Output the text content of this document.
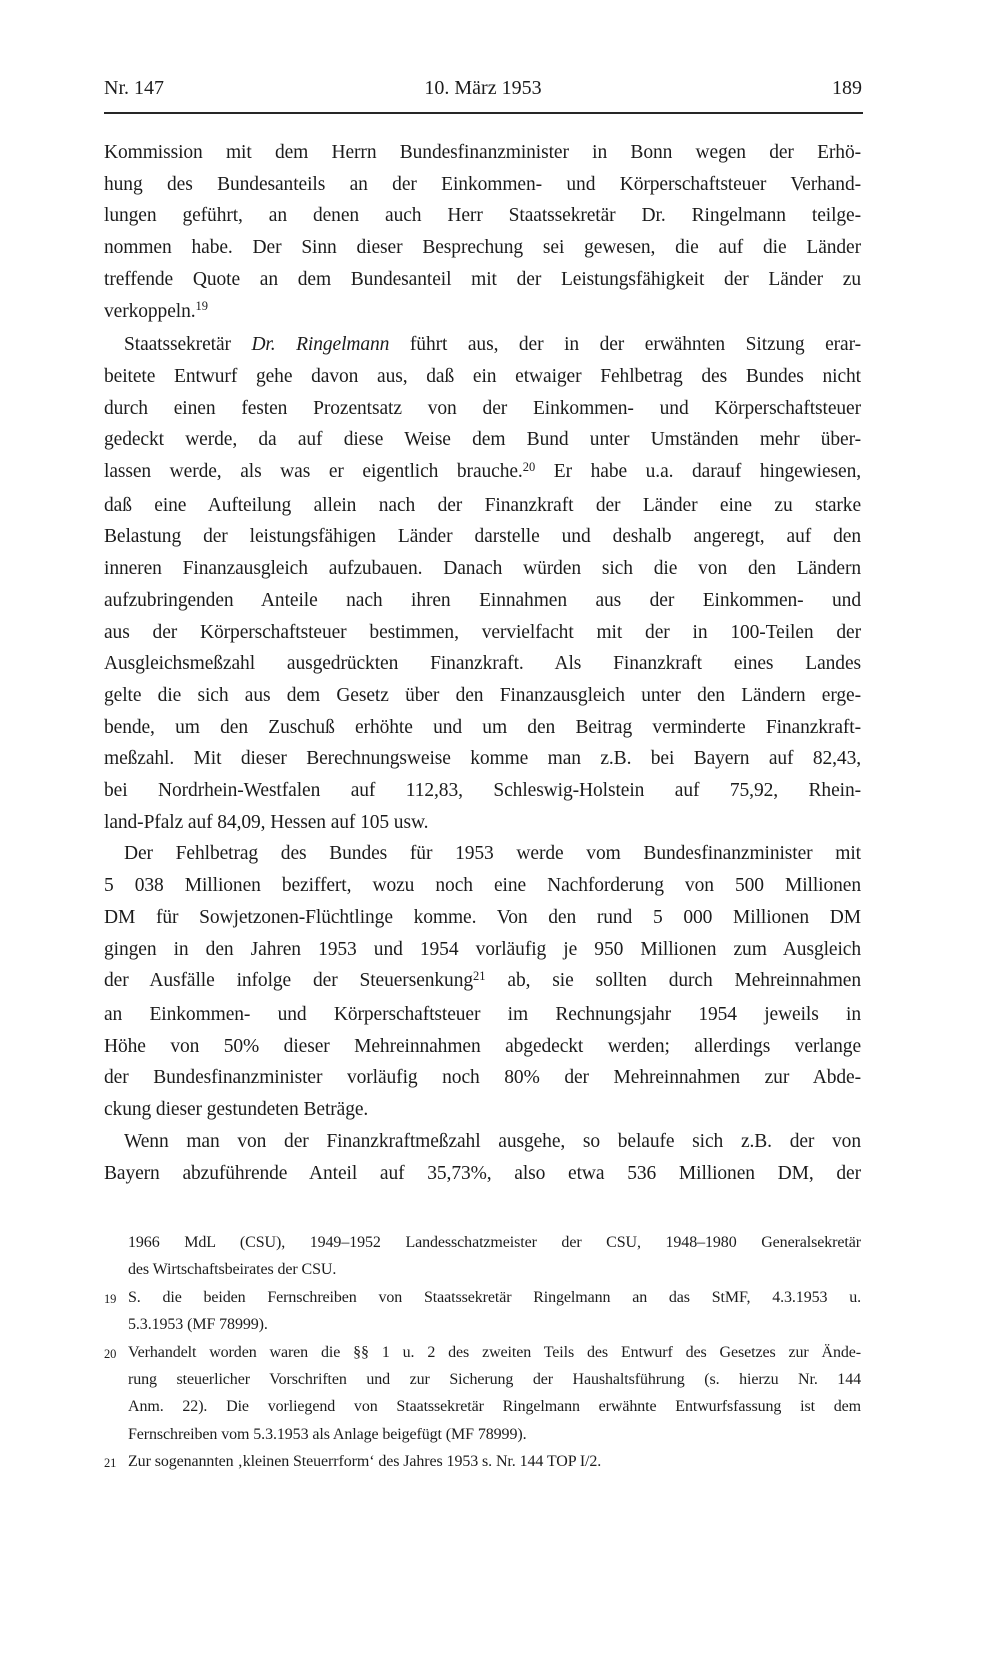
Nr. 147	10. März 1953	189
Kommission mit dem Herrn Bundesfinanzminister in Bonn wegen der Erhö-
hung des Bundesanteils an der Einkommen- und Körperschaftsteuer Verhand-
lungen geführt, an denen auch Herr Staatssekretär Dr. Ringelmann teilge-
nommen habe. Der Sinn dieser Besprechung sei gewesen, die auf die Länder
treffende Quote an dem Bundesanteil mit der Leistungsfähigkeit der Länder zu
verkoppeln.$^{19}$
Staatssekretär Dr. Ringelmann führt aus, der in der erwähnten Sitzung erar-
beitete Entwurf gehe davon aus, daß ein etwaiger Fehlbetrag des Bundes nicht
durch einen festen Prozentsatz von der Einkommen- und Körperschaftsteuer
gedeckt werde, da auf diese Weise dem Bund unter Umständen mehr über-
lassen werde, als was er eigentlich brauche.$^{20}$ Er habe u.a. darauf hingewiesen,
daß eine Aufteilung allein nach der Finanzkraft der Länder eine zu starke
Belastung der leistungsfähigen Länder darstelle und deshalb angeregt, auf den
inneren Finanzausgleich aufzubauen. Danach würden sich die von den Ländern
aufzubringenden Anteile nach ihren Einnahmen aus der Einkommen- und
aus der Körperschaftsteuer bestimmen, vervielfacht mit der in 100-Teilen der
Ausgleichsmeßzahl ausgedrückten Finanzkraft. Als Finanzkraft eines Landes
gelte die sich aus dem Gesetz über den Finanzausgleich unter den Ländern erge-
bende, um den Zuschuß erhöhte und um den Beitrag verminderte Finanzkraft-
meßzahl. Mit dieser Berechnungsweise komme man z.B. bei Bayern auf 82,43,
bei Nordrhein-Westfalen auf 112,83, Schleswig-Holstein auf 75,92, Rhein-
land-Pfalz auf 84,09, Hessen auf 105 usw.
Der Fehlbetrag des Bundes für 1953 werde vom Bundesfinanzminister mit
5 038 Millionen beziffert, wozu noch eine Nachforderung von 500 Millionen
DM für Sowjetzonen-Flüchtlinge komme. Von den rund 5 000 Millionen DM
gingen in den Jahren 1953 und 1954 vorläufig je 950 Millionen zum Ausgleich
der Ausfälle infolge der Steuersenkung$^{21}$ ab, sie sollten durch Mehreinnahmen
an Einkommen- und Körperschaftsteuer im Rechnungsjahr 1954 jeweils in
Höhe von 50% dieser Mehreinnahmen abgedeckt werden; allerdings verlange
der Bundesfinanzminister vorläufig noch 80% der Mehreinnahmen zur Abde-
ckung dieser gestundeten Beträge.
Wenn man von der Finanzkraftmeßzahl ausgehe, so belaufe sich z.B. der von
Bayern abzuführende Anteil auf 35,73%, also etwa 536 Millionen DM, der
1966 MdL (CSU), 1949–1952 Landesschatzmeister der CSU, 1948–1980 Generalsekretär
des Wirtschaftsbeirates der CSU.
19 S. die beiden Fernschreiben von Staatssekretär Ringelmann an das StMF, 4.3.1953 u.
5.3.1953 (MF 78999).
20 Verhandelt worden waren die §§ 1 u. 2 des zweiten Teils des Entwurf des Gesetzes zur Ände-
rung steuerlicher Vorschriften und zur Sicherung der Haushaltsführung (s. hierzu Nr. 144
Anm. 22). Die vorliegend von Staatssekretär Ringelmann erwähnte Entwurfsfassung ist dem
Fernschreiben vom 5.3.1953 als Anlage beigefügt (MF 78999).
21 Zur sogenannten ‚kleinen Steuerrform‘ des Jahres 1953 s. Nr. 144 TOP I/2.
